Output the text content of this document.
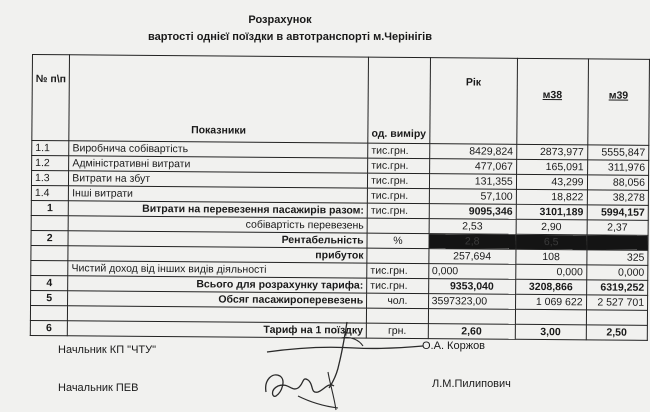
Розрахунок
вартості однієї поїздки в автотранспорті м.Черінігів
№ п\п	Показники	од. виміру	Рік	м38	м39
1.1	Виробнича собівартість	тис.грн.	8429,824	2873,977	5555,847
1.2	Адміністративні витрати	тис.грн.	477,067	165,091	311,976
1.3	Витрати на збут	тис.грн.	131,355	43,299	88,056
1.4	Інші витрати	тис.грн.	57,100	18,822	38,278
1	Витрати на перевезення пасажирів разом:	тис.грн.	9095,346	3101,189	5994,157
	собівартість перевезень		2,53	2,90	2,37
2	Рентабельність	%	2,8	6,5	
	прибуток		257,694	108	325
	Чистий доход від інших видів діяльності	тис.грн.	0,000	0,000	0,000
4	Всього для розрахунку тарифа:	тис.грн.	9353,040	3208,866	6319,252
5	Обсяг пасажироперевезень	чол.	3597323,00	1 069 622	2 527 701

6	Тариф на 1 поїздку	грн.	2,60	3,00	2,50
Начльник КП "ЧТУ"	О.А. Коржов
Начальник ПЕВ	Л.М.Пилипович
